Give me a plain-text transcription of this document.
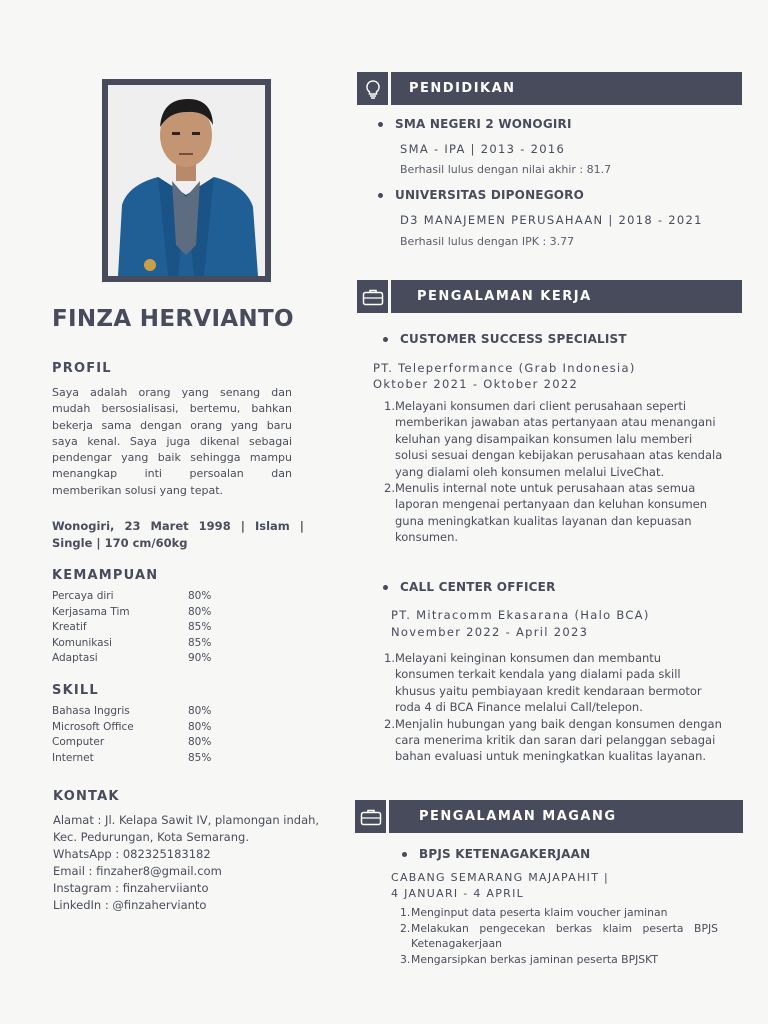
FINZA HERVIANTO
PROFIL
Saya adalah orang yang senang dan mudah bersosialisasi, bertemu, bahkan bekerja sama dengan orang yang baru saya kenal. Saya juga dikenal sebagai pendengar yang baik sehingga mampu menangkap inti persoalan dan memberikan solusi yang tepat.
Wonogiri, 23 Maret 1998 | Islam | Single | 170 cm/60kg
KEMAMPUAN
Percaya diri	80%
Kerjasama Tim	80%
Kreatif	85%
Komunikasi	85%
Adaptasi	90%
SKILL
Bahasa Inggris	80%
Microsoft Office	80%
Computer	80%
Internet	85%
KONTAK
Alamat : Jl. Kelapa Sawit IV, plamongan indah, Kec. Pedurungan, Kota Semarang.
WhatsApp : 082325183182
Email : finzaher8@gmail.com
Instagram : finzaherviianto
LinkedIn : @finzahervianto
PENDIDIKAN
SMA NEGERI 2 WONOGIRI
SMA - IPA | 2013 - 2016
Berhasil lulus dengan nilai akhir : 81.7
UNIVERSITAS DIPONEGORO
D3 MANAJEMEN PERUSAHAAN | 2018 - 2021
Berhasil lulus dengan IPK : 3.77
PENGALAMAN KERJA
CUSTOMER SUCCESS SPECIALIST
PT. Teleperformance (Grab Indonesia)
Oktober 2021 - Oktober 2022
1. Melayani konsumen dari client perusahaan seperti memberikan jawaban atas pertanyaan atau menangani keluhan yang disampaikan konsumen lalu memberi solusi sesuai dengan kebijakan perusahaan atas kendala yang dialami oleh konsumen melalui LiveChat.
2. Menulis internal note untuk perusahaan atas semua laporan mengenai pertanyaan dan keluhan konsumen guna meningkatkan kualitas layanan dan kepuasan konsumen.
CALL CENTER OFFICER
PT. Mitracomm Ekasarana (Halo BCA)
November 2022 - April 2023
1. Melayani keinginan konsumen dan membantu konsumen terkait kendala yang dialami pada skill khusus yaitu pembiayaan kredit kendaraan bermotor roda 4 di BCA Finance melalui Call/telepon.
2. Menjalin hubungan yang baik dengan konsumen dengan cara menerima kritik dan saran dari pelanggan sebagai bahan evaluasi untuk meningkatkan kualitas layanan.
PENGALAMAN MAGANG
BPJS KETENAGAKERJAAN
CABANG SEMARANG MAJAPAHIT |
4 JANUARI - 4 APRIL
1. Menginput data peserta klaim voucher jaminan
2. Melakukan pengecekan berkas klaim peserta BPJS Ketenagakerjaan
3. Mengarsipkan berkas jaminan peserta BPJSKT
